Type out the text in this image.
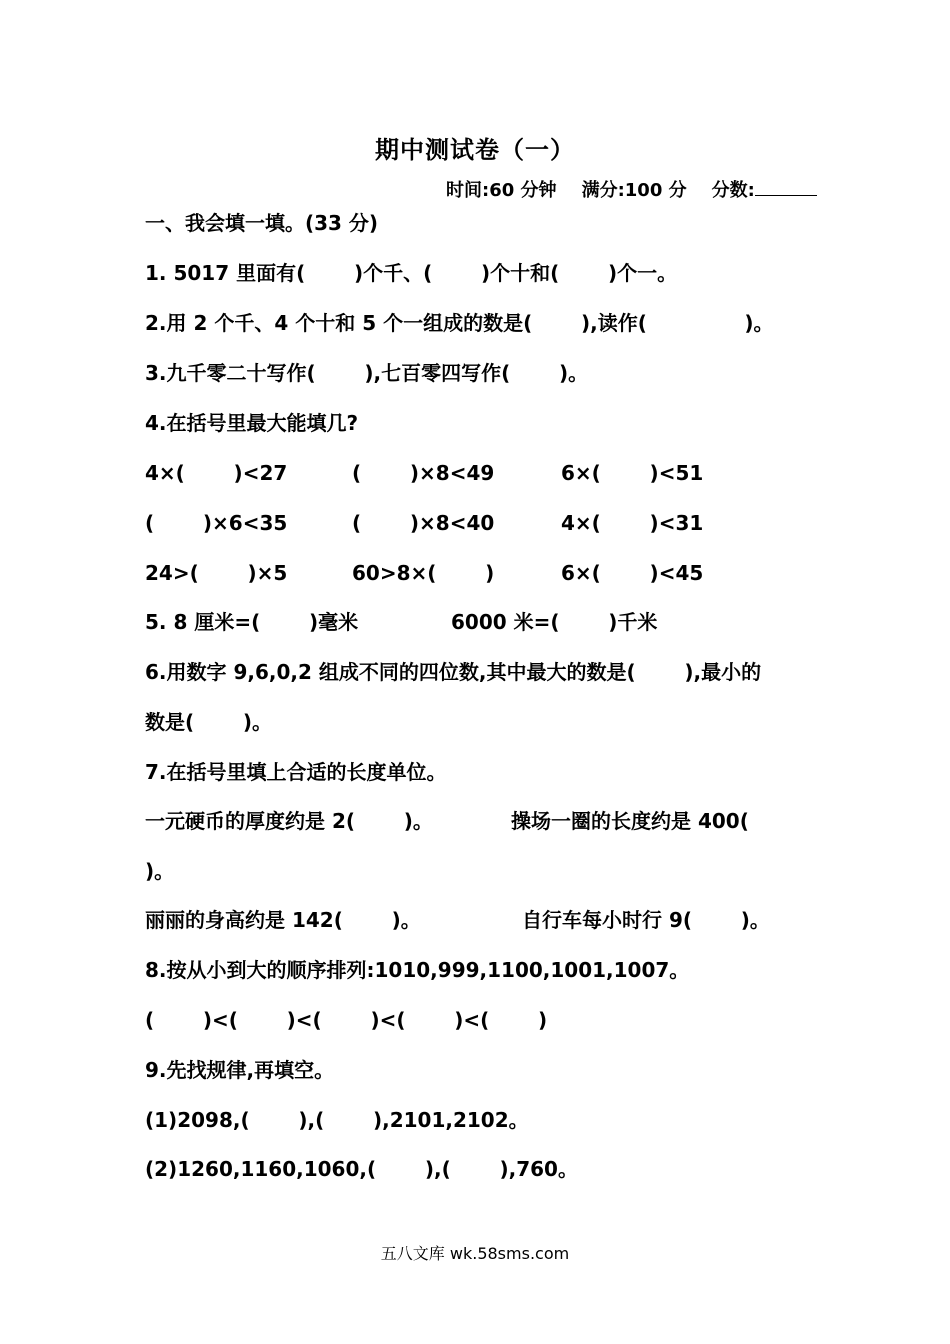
期中测试卷（一）
时间:60 分钟    满分:100 分    分数:
一、我会填一填。(33 分)
1. 5017 里面有(       )个千、(       )个十和(       )个一。
2.用 2 个千、4 个十和 5 个一组成的数是(       ),读作(              )。
3.九千零二十写作(       ),七百零四写作(       )。
4.在括号里最大能填几?
4×(       )<27	(       )×8<49	6×(       )<51
(       )×6<35	(       )×8<40	4×(       )<31
24>(       )×5	60>8×(       )	6×(       )<45
5. 8 厘米=(       )毫米	6000 米=(       )千米
6.用数字 9,6,0,2 组成不同的四位数,其中最大的数是(       ),最小的
数是(       )。
7.在括号里填上合适的长度单位。
一元硬币的厚度约是 2(       )。	操场一圈的长度约是 400(
)。
丽丽的身高约是 142(       )。	自行车每小时行 9(       )。
8.按从小到大的顺序排列:1010,999,1100,1001,1007。
(       )<(       )<(       )<(       )<(       )
9.先找规律,再填空。
(1)2098,(       ),(       ),2101,2102。
(2)1260,1160,1060,(       ),(       ),760。
五八文库 wk.58sms.com
